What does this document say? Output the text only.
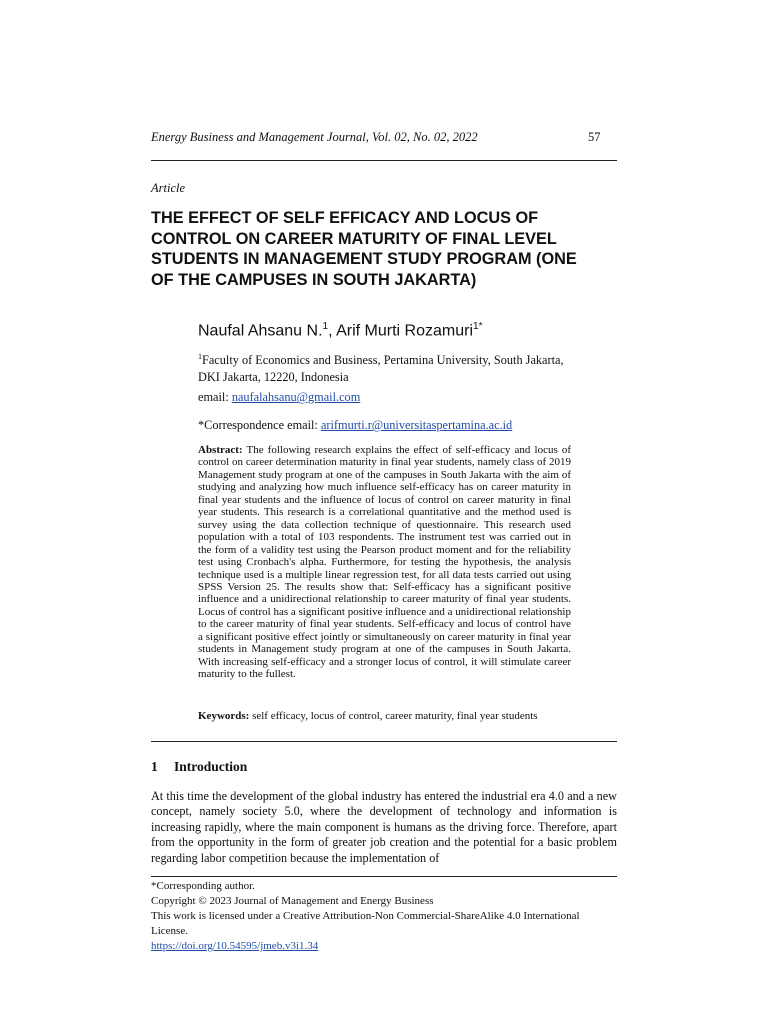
Energy Business and Management Journal, Vol. 02, No. 02, 2022	57
Article
THE EFFECT OF SELF EFFICACY AND LOCUS OF CONTROL ON CAREER MATURITY OF FINAL LEVEL STUDENTS IN MANAGEMENT STUDY PROGRAM (ONE OF THE CAMPUSES IN SOUTH JAKARTA)
Naufal Ahsanu N.$^1$, Arif Murti Rozamuri$^{1*}$
$^1$Faculty of Economics and Business, Pertamina University, South Jakarta, DKI Jakarta, 12220, Indonesia
email: naufalahsanu@gmail.com
*Correspondence email: arifmurti.r@universitaspertamina.ac.id

Abstract: The following research explains the effect of self-efficacy and locus of control on career determination maturity in final year students, namely class of 2019 Management study program at one of the campuses in South Jakarta with the aim of studying and analyzing how much influence self-efficacy has on career maturity in final year students and the influence of locus of control on career maturity in final year students. This research is a correlational quantitative and the method used is survey using the data collection technique of questionnaire. This research used population with a total of 103 respondents. The instrument test was carried out in the form of a validity test using the Pearson product moment and for the reliability test using Cronbach's alpha. Furthermore, for testing the hypothesis, the analysis technique used is a multiple linear regression test, for all data tests carried out using SPSS Version 25. The results show that: Self-efficacy has a significant positive influence and a unidirectional relationship to career maturity of final year students. Locus of control has a significant positive influence and a unidirectional relationship to the career maturity of final year students. Self-efficacy and locus of control have a significant positive effect jointly or simultaneously on career maturity in final year students in Management study program at one of the campuses in South Jakarta. With increasing self-efficacy and a stronger locus of control, it will stimulate career maturity to the fullest.

Keywords: self efficacy, locus of control, career maturity, final year students
1 Introduction

At this time the development of the global industry has entered the industrial era 4.0 and a new concept, namely society 5.0, where the development of technology and information is increasing rapidly, where the main component is humans as the driving force. Therefore, apart from the opportunity in the form of greater job creation and the potential for a basic problem regarding labor competition because the implementation of

*Corresponding author.
Copyright © 2023 Journal of Management and Energy Business
This work is licensed under a Creative Attribution-Non Commercial-ShareAlike 4.0 International License.
https://doi.org/10.54595/jmeb.v3i1.34
